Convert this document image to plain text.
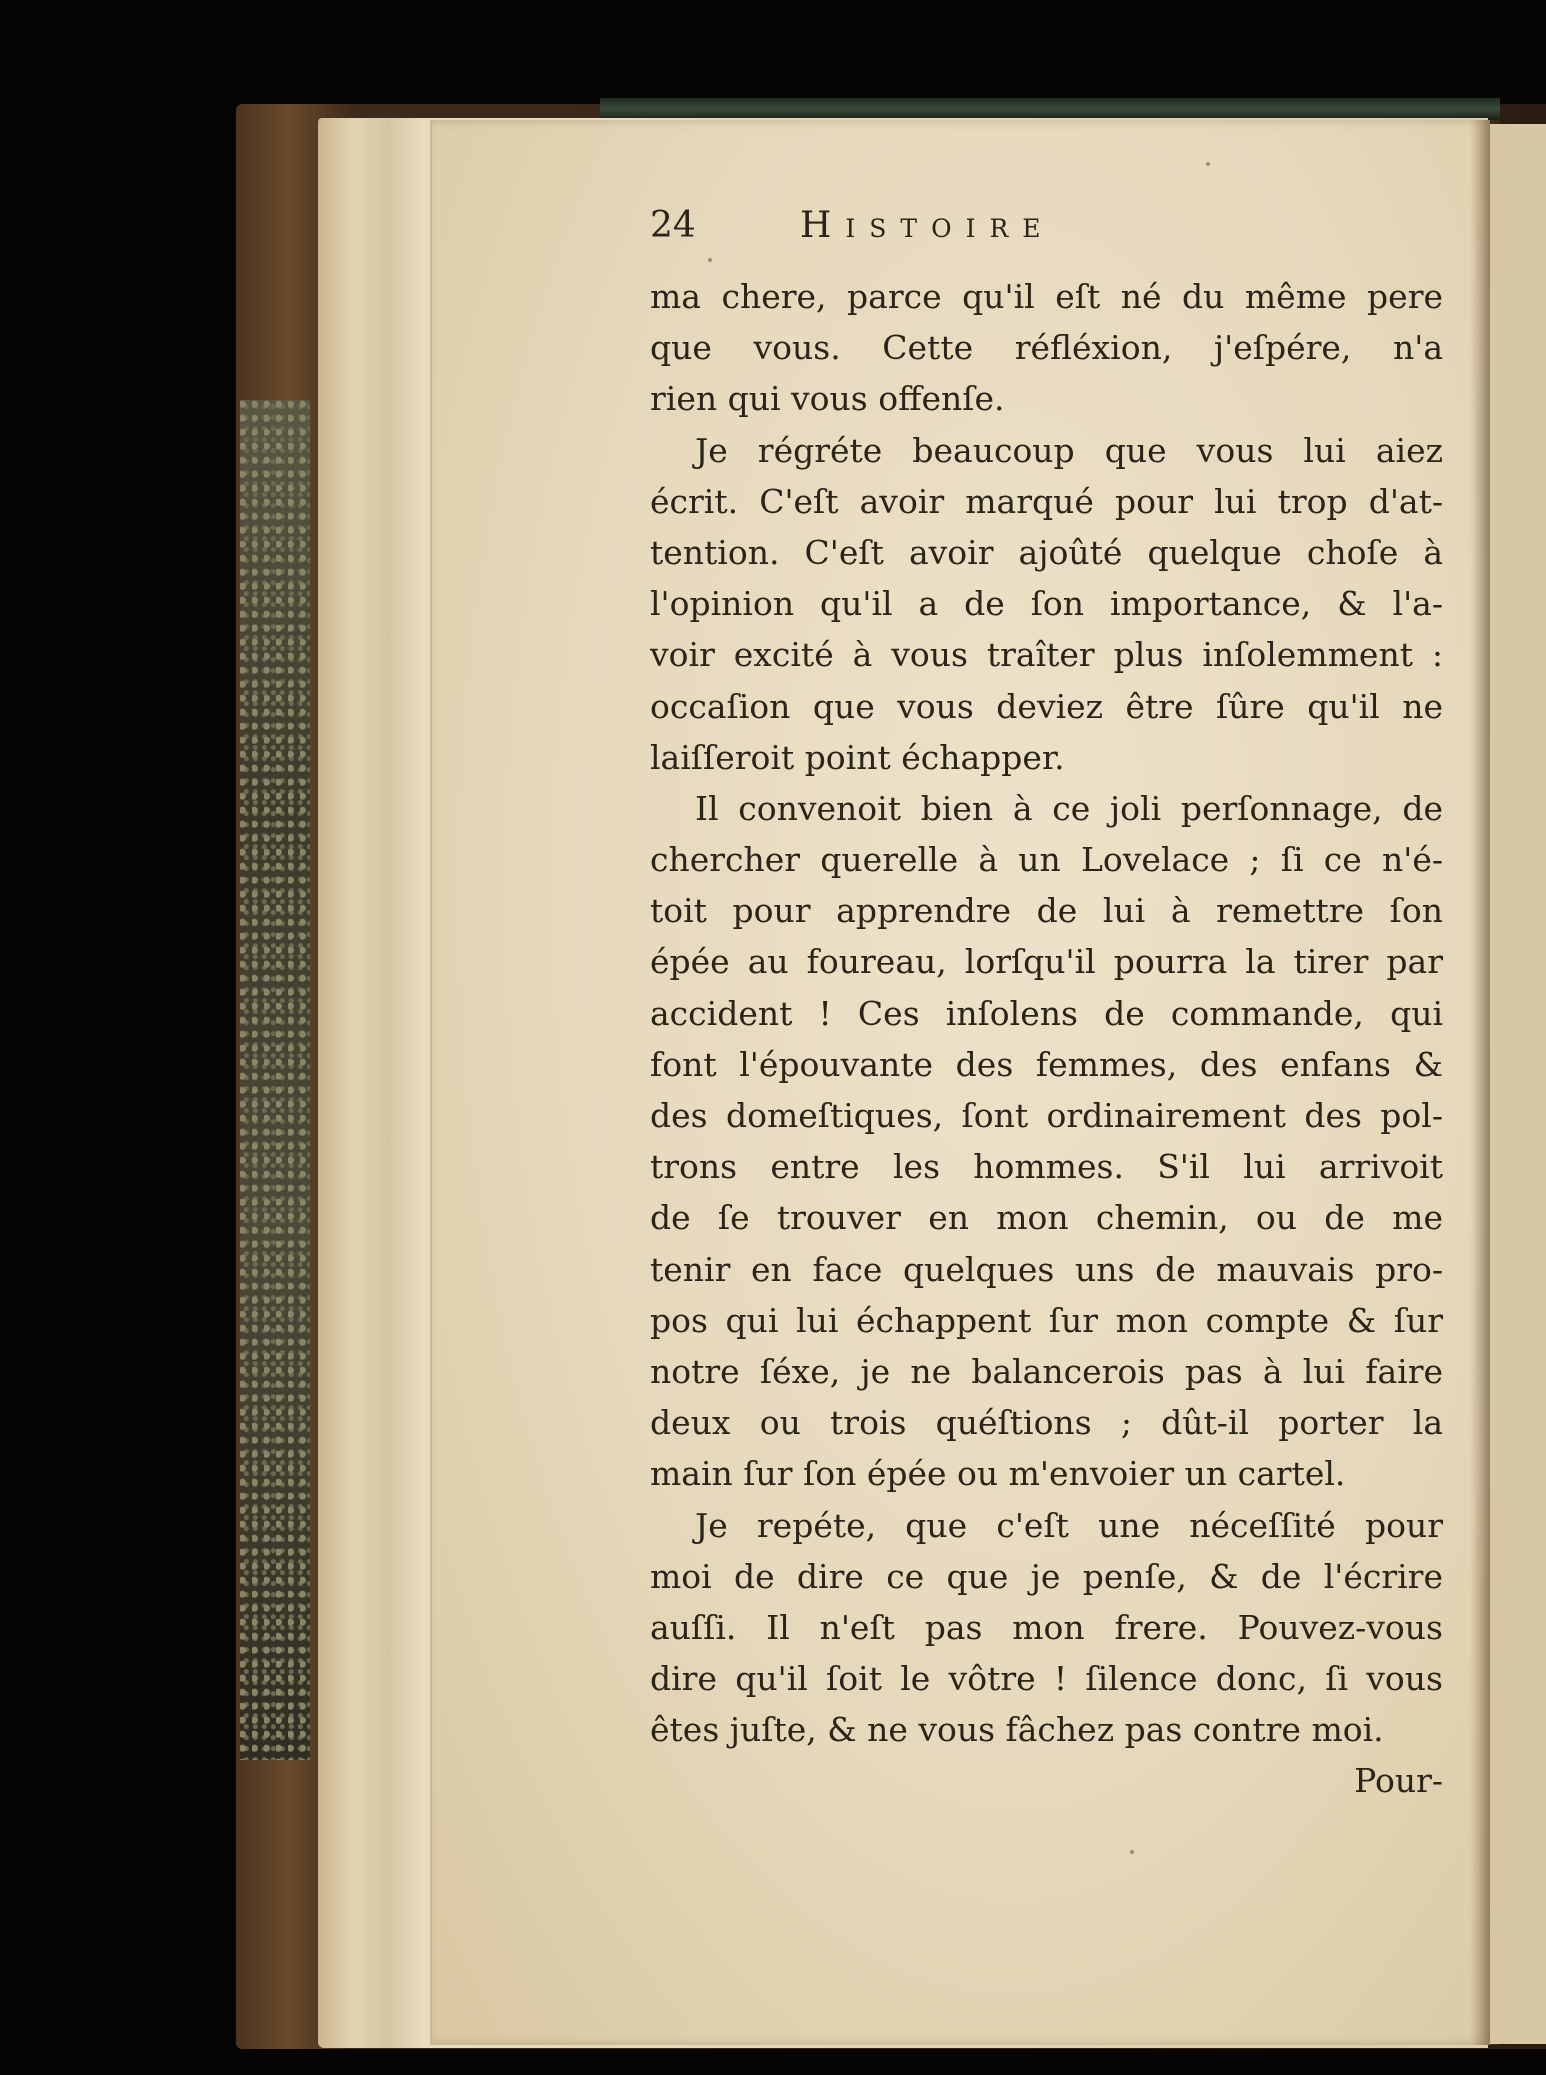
24	Histoire
ma chere, parce qu'il eſt né du même pere
que vous. Cette réfléxion, j'eſpére, n'a
rien qui vous offenſe.
Je régréte beaucoup que vous lui aiez
écrit. C'eſt avoir marqué pour lui trop d'at-
tention. C'eſt avoir ajoûté quelque choſe à
l'opinion qu'il a de ſon importance, & l'a-
voir excité à vous traîter plus inſolemment :
occaſion que vous deviez être ſûre qu'il ne
laiſſeroit point échapper.
Il convenoit bien à ce joli perſonnage, de
chercher querelle à un Lovelace ; ſi ce n'é-
toit pour apprendre de lui à remettre ſon
épée au foureau, lorſqu'il pourra la tirer par
accident ! Ces inſolens de commande, qui
font l'épouvante des femmes, des enfans &
des domeſtiques, ſont ordinairement des pol-
trons entre les hommes. S'il lui arrivoit
de ſe trouver en mon chemin, ou de me
tenir en face quelques uns de mauvais pro-
pos qui lui échappent ſur mon compte & ſur
notre ſéxe, je ne balancerois pas à lui faire
deux ou trois quéſtions ; dût-il porter la
main ſur ſon épée ou m'envoier un cartel.
Je repéte, que c'eſt une néceſſité pour
moi de dire ce que je penſe, & de l'écrire
auſſi. Il n'eſt pas mon frere. Pouvez-vous
dire qu'il ſoit le vôtre ! ſilence donc, ſi vous
êtes juſte, & ne vous fâchez pas contre moi.
Pour-
